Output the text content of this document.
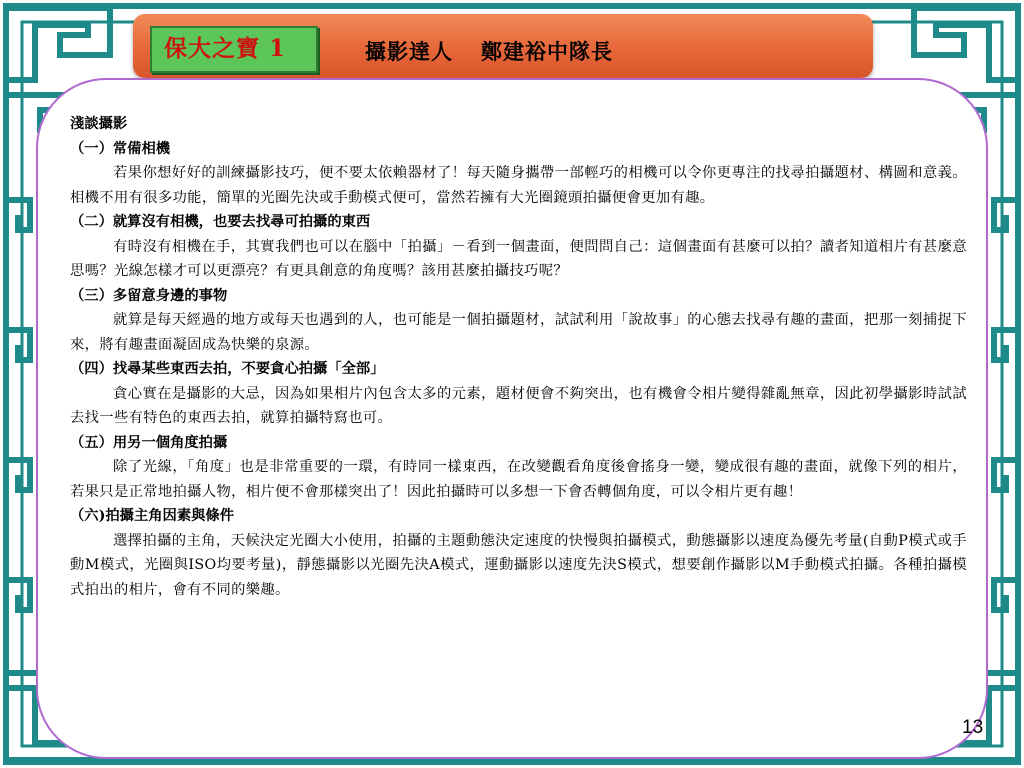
保大之寶 1	攝影達人 鄭建裕中隊長
淺談攝影
（一）常備相機
若果你想好好的訓練攝影技巧，便不要太依賴器材了！每天隨身攜帶一部輕巧的相機可以令你更專注的找尋拍攝題材、構圖和意義。相機不用有很多功能，簡單的光圈先決或手動模式便可，當然若擁有大光圈鏡頭拍攝便會更加有趣。
（二）就算沒有相機，也要去找尋可拍攝的東西
有時沒有相機在手，其實我們也可以在腦中「拍攝」－看到一個畫面，便問問自己：這個畫面有甚麼可以拍？讀者知道相片有甚麼意思嗎？光線怎樣才可以更漂亮？有更具創意的角度嗎？該用甚麼拍攝技巧呢？
（三）多留意身邊的事物
就算是每天經過的地方或每天也遇到的人，也可能是一個拍攝題材，試試利用「說故事」的心態去找尋有趣的畫面，把那一刻捕捉下來，將有趣畫面凝固成為快樂的泉源。
（四）找尋某些東西去拍，不要貪心拍攝「全部」
貪心實在是攝影的大忌，因為如果相片內包含太多的元素，題材便會不夠突出，也有機會令相片變得雜亂無章，因此初學攝影時試試去找一些有特色的東西去拍，就算拍攝特寫也可。
（五）用另一個角度拍攝
除了光線，「角度」也是非常重要的一環，有時同一樣東西，在改變觀看角度後會搖身一變，變成很有趣的畫面，就像下列的相片，若果只是正常地拍攝人物，相片便不會那樣突出了！因此拍攝時可以多想一下會否轉個角度，可以令相片更有趣！
（六)拍攝主角因素與條件
選擇拍攝的主角，天候決定光圈大小使用，拍攝的主題動態決定速度的快慢與拍攝模式，動態攝影以速度為優先考量(自動P模式或手動M模式，光圈與ISO均要考量)，靜態攝影以光圈先決A模式，運動攝影以速度先決S模式，想要創作攝影以M手動模式拍攝。各種拍攝模式拍出的相片，會有不同的樂趣。
13
